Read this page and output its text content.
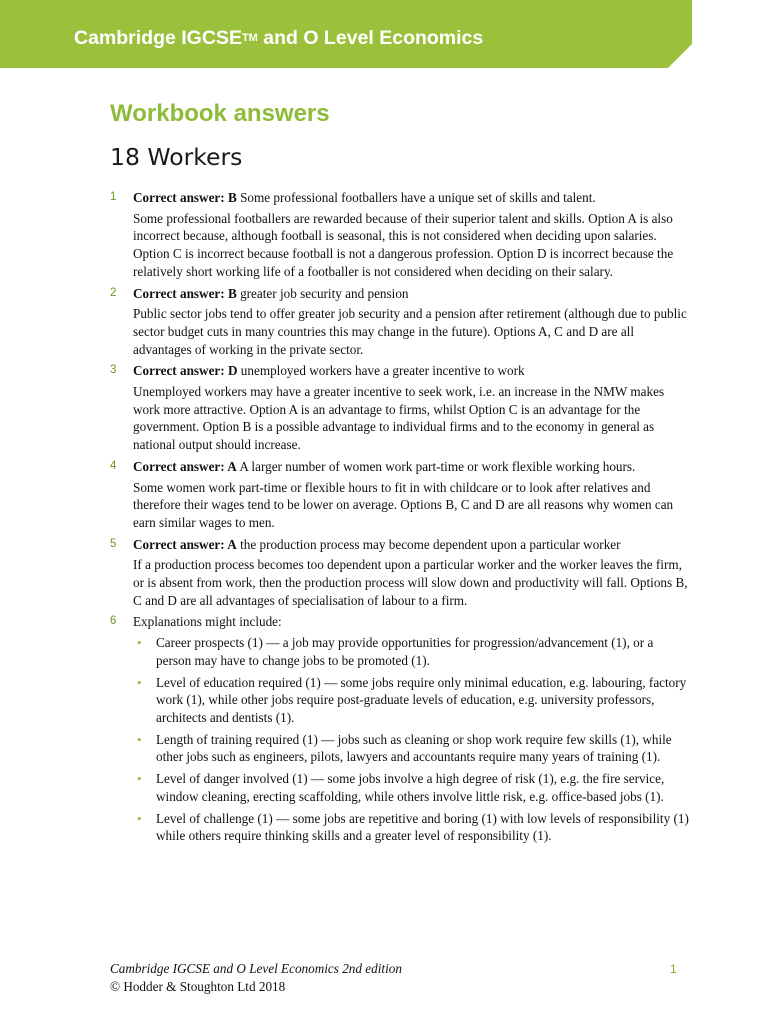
Cambridge IGCSE™ and O Level Economics
Workbook answers
18 Workers
1 Correct answer: B Some professional footballers have a unique set of skills and talent.

Some professional footballers are rewarded because of their superior talent and skills. Option A is also incorrect because, although football is seasonal, this is not considered when deciding upon salaries. Option C is incorrect because football is not a dangerous profession. Option D is incorrect because the relatively short working life of a footballer is not considered when deciding on their salary.

2 Correct answer: B greater job security and pension

Public sector jobs tend to offer greater job security and a pension after retirement (although due to public sector budget cuts in many countries this may change in the future). Options A, C and D are all advantages of working in the private sector.

3 Correct answer: D unemployed workers have a greater incentive to work

Unemployed workers may have a greater incentive to seek work, i.e. an increase in the NMW makes work more attractive. Option A is an advantage to firms, whilst Option C is an advantage for the government. Option B is a possible advantage to individual firms and to the economy in general as national output should increase.

4 Correct answer: A A larger number of women work part-time or work flexible working hours.

Some women work part-time or flexible hours to fit in with childcare or to look after relatives and therefore their wages tend to be lower on average. Options B, C and D are all reasons why women can earn similar wages to men.

5 Correct answer: A the production process may become dependent upon a particular worker

If a production process becomes too dependent upon a particular worker and the worker leaves the firm, or is absent from work, then the production process will slow down and productivity will fall. Options B, C and D are all advantages of specialisation of labour to a firm.

6 Explanations might include:
• Career prospects (1) — a job may provide opportunities for progression/advancement (1), or a person may have to change jobs to be promoted (1).
• Level of education required (1) — some jobs require only minimal education, e.g. labouring, factory work (1), while other jobs require post-graduate levels of education, e.g. university professors, architects and dentists (1).
• Length of training required (1) — jobs such as cleaning or shop work require few skills (1), while other jobs such as engineers, pilots, lawyers and accountants require many years of training (1).
• Level of danger involved (1) — some jobs involve a high degree of risk (1), e.g. the fire service, window cleaning, erecting scaffolding, while others involve little risk, e.g. office-based jobs (1).
• Level of challenge (1) — some jobs are repetitive and boring (1) with low levels of responsibility (1) while others require thinking skills and a greater level of responsibility (1).
Cambridge IGCSE and O Level Economics 2nd edition
© Hodder & Stoughton Ltd 2018
1
